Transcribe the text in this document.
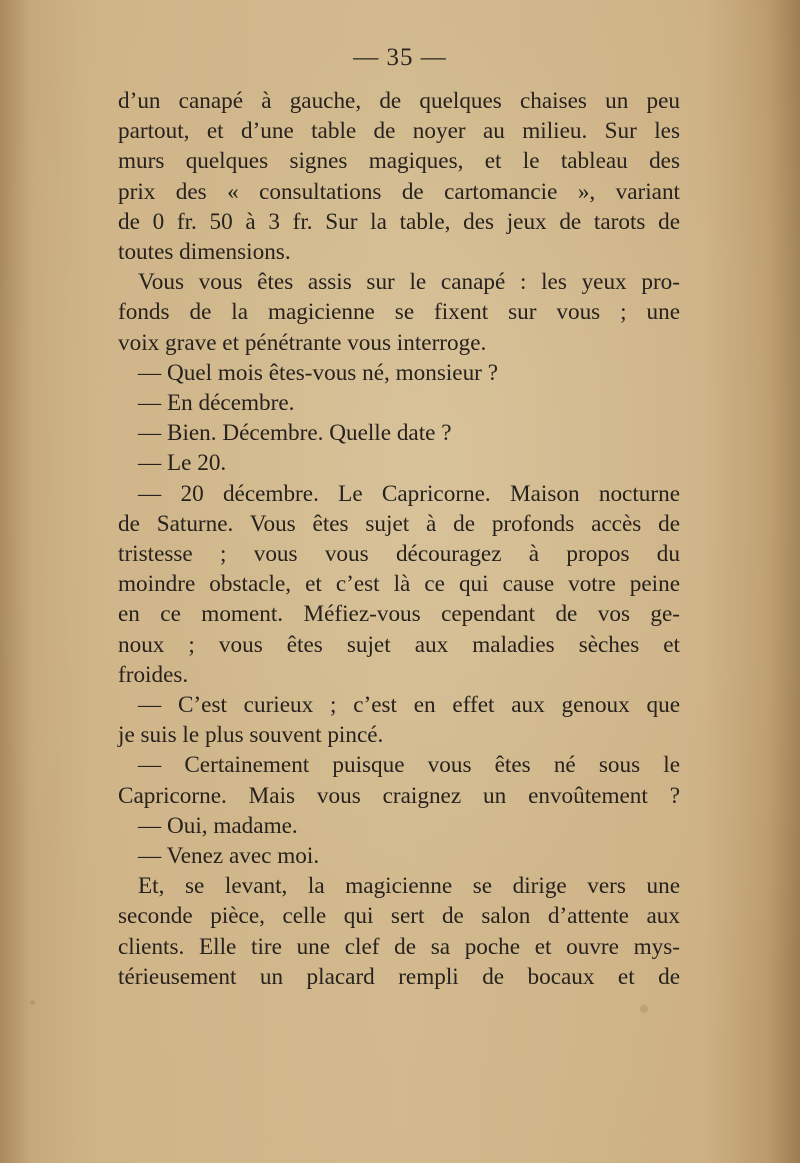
— 35 —
d’un canapé à gauche, de quelques chaises un peu
partout, et d’une table de noyer au milieu. Sur les
murs quelques signes magiques, et le tableau des
prix des « consultations de cartomancie », variant
de 0 fr. 50 à 3 fr. Sur la table, des jeux de tarots de
toutes dimensions.
Vous vous êtes assis sur le canapé : les yeux pro-
fonds de la magicienne se fixent sur vous ; une
voix grave et pénétrante vous interroge.
— Quel mois êtes-vous né, monsieur ?
— En décembre.
— Bien. Décembre. Quelle date ?
— Le 20.
— 20 décembre. Le Capricorne. Maison nocturne
de Saturne. Vous êtes sujet à de profonds accès de
tristesse ; vous vous découragez à propos du
moindre obstacle, et c’est là ce qui cause votre peine
en ce moment. Méfiez-vous cependant de vos ge-
noux ; vous êtes sujet aux maladies sèches et
froides.
— C’est curieux ; c’est en effet aux genoux que
je suis le plus souvent pincé.
— Certainement puisque vous êtes né sous le
Capricorne. Mais vous craignez un envoûtement ?
— Oui, madame.
— Venez avec moi.
Et, se levant, la magicienne se dirige vers une
seconde pièce, celle qui sert de salon d’attente aux
clients. Elle tire une clef de sa poche et ouvre mys-
térieusement un placard rempli de bocaux et de
